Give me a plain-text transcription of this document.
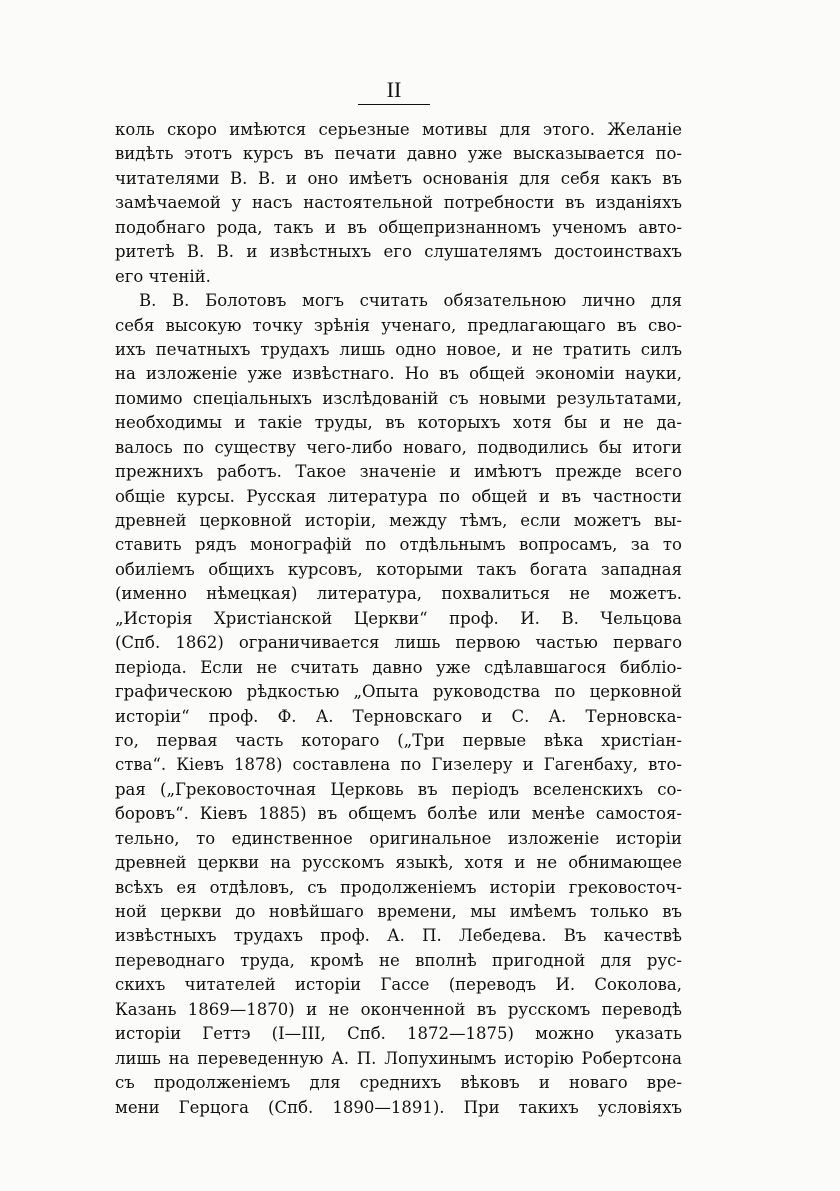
II
коль скоро имѣются серьезные мотивы для этого. Желаніе
видѣть этотъ курсъ въ печати давно уже высказывается по-
читателями В. В. и оно имѣетъ основанія для себя какъ въ
замѣчаемой у насъ настоятельной потребности въ изданіяхъ
подобнаго рода, такъ и въ общепризнанномъ ученомъ авто-
ритетѣ В. В. и извѣстныхъ его слушателямъ достоинствахъ
его чтеній.
В. В. Болотовъ могъ считать обязательною лично для
себя высокую точку зрѣнія ученаго, предлагающаго въ сво-
ихъ печатныхъ трудахъ лишь одно новое, и не тратить силъ
на изложеніе уже извѣстнаго. Но въ общей экономіи науки,
помимо спеціальныхъ изслѣдованій съ новыми результатами,
необходимы и такіе труды, въ которыхъ хотя бы и не да-
валось по существу чего-либо новаго, подводились бы итоги
прежнихъ работъ. Такое значеніе и имѣютъ прежде всего
общіе курсы. Русская литература по общей и въ частности
древней церковной исторіи, между тѣмъ, если можетъ вы-
ставить рядъ монографій по отдѣльнымъ вопросамъ, за то
обиліемъ общихъ курсовъ, которыми такъ богата западная
(именно нѣмецкая) литература, похвалиться не можетъ.
„Исторія Христіанской Церкви“ проф. И. В. Чельцова
(Спб. 1862) ограничивается лишь первою частью перваго
періода. Если не считать давно уже сдѣлавшагося библіо-
графическою рѣдкостью „Опыта руководства по церковной
исторіи“ проф. Ф. А. Терновскаго и С. А. Терновска-
го, первая часть котораго („Три первые вѣка христіан-
ства“. Кіевъ 1878) составлена по Гизелеру и Гагенбаху, вто-
рая („Грековосточная Церковь въ періодъ вселенскихъ со-
боровъ“. Кіевъ 1885) въ общемъ болѣе или менѣе самостоя-
тельно, то единственное оригинальное изложеніе исторіи
древней церкви на русскомъ языкѣ, хотя и не обнимающее
всѣхъ ея отдѣловъ, съ продолженіемъ исторіи грековосточ-
ной церкви до новѣйшаго времени, мы имѣемъ только въ
извѣстныхъ трудахъ проф. А. П. Лебедева. Въ качествѣ
переводнаго труда, кромѣ не вполнѣ пригодной для рус-
скихъ читателей исторіи Гассе (переводъ И. Соколова,
Казань 1869—1870) и не оконченной въ русскомъ переводѣ
исторіи Геттэ (I—III, Спб. 1872—1875) можно указать
лишь на переведенную А. П. Лопухинымъ исторію Робертсона
съ продолженіемъ для среднихъ вѣковъ и новаго вре-
мени Герцога (Спб. 1890—1891). При такихъ условіяхъ
